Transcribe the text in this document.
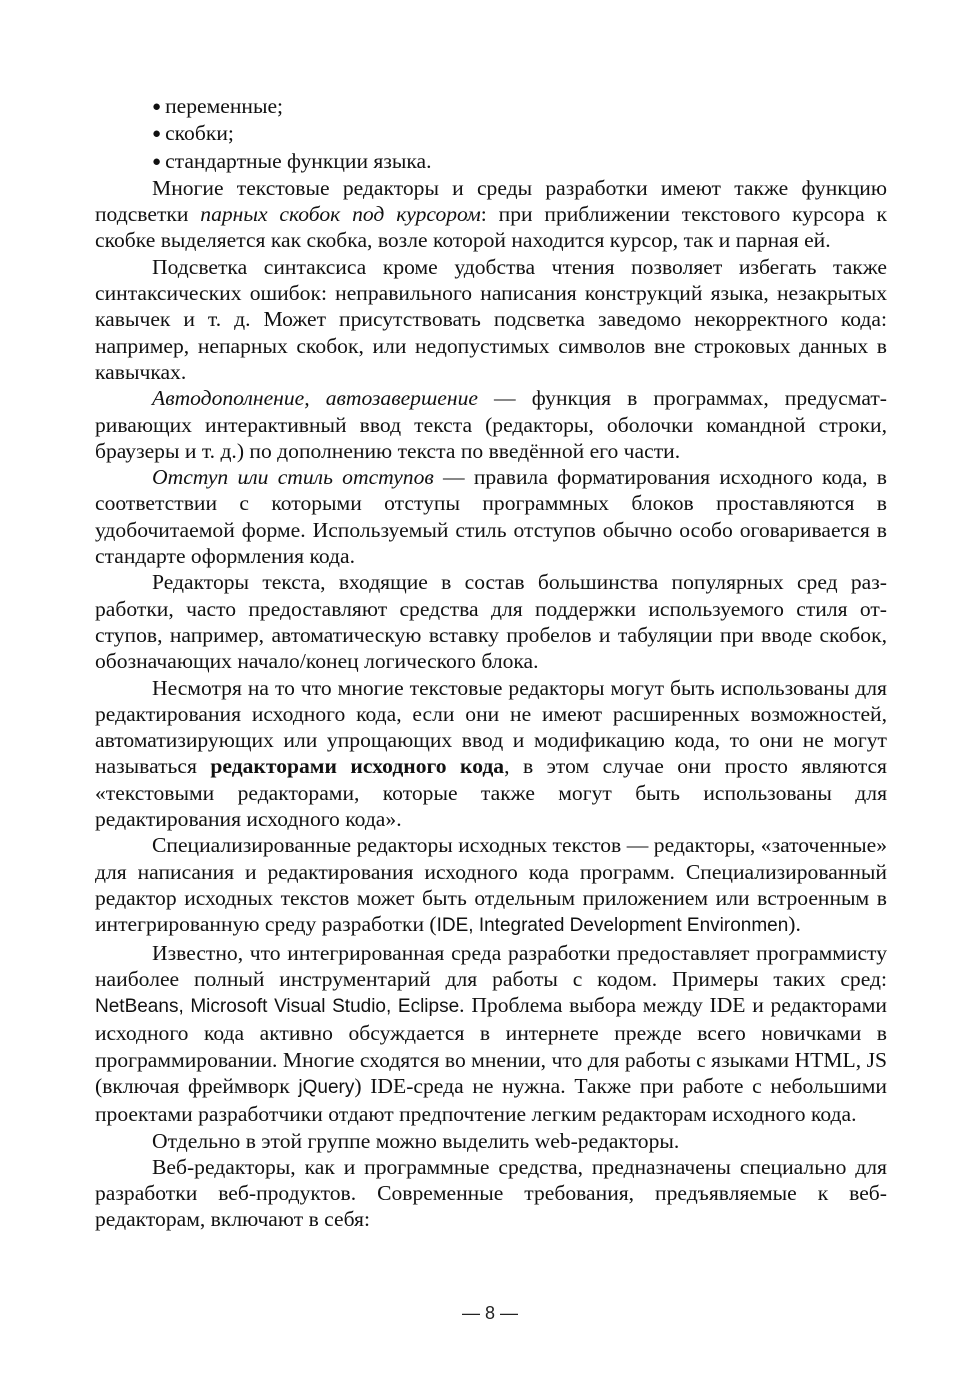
● переменные;

● скобки;

● стандартные функции языка.

Многие текстовые редакторы и среды разработки имеют также функцию подсветки парных скобок под курсором: при приближении текстового курсора к скобке выделяется как скобка, возле которой находится курсор, так и парная ей.

Подсветка синтаксиса кроме удобства чтения позволяет избегать также синтаксических ошибок: неправильного написания конструкций языка, незакрытых кавычек и т. д. Может присутствовать подсветка заведомо некорректного кода: например, непарных скобок, или недопустимых символов вне строковых данных в кавычках.

Автодополнение, автозавершение — функция в программах, предусматривающих интерактивный ввод текста (редакторы, оболочки командной строки, браузеры и т. д.) по дополнению текста по введённой его части.

Отступ или стиль отступов — правила форматирования исходного кода, в соответствии с которыми отступы программных блоков проставляются в удобочитаемой форме. Используемый стиль отступов обычно особо оговаривается в стандарте оформления кода.

Редакторы текста, входящие в состав большинства популярных сред разработки, часто предоставляют средства для поддержки используемого стиля отступов, например, автоматическую вставку пробелов и табуляции при вводе скобок, обозначающих начало/конец логического блока.

Несмотря на то что многие текстовые редакторы могут быть использованы для редактирования исходного кода, если они не имеют расширенных возможностей, автоматизирующих или упрощающих ввод и модификацию кода, то они не могут называться редакторами исходного кода, в этом случае они просто являются «текстовыми редакторами, которые также могут быть использованы для редактирования исходного кода».

Специализированные редакторы исходных текстов — редакторы, «заточенные» для написания и редактирования исходного кода программ. Специализированный редактор исходных текстов может быть отдельным приложением или встроенным в интегрированную среду разработки (IDE, Integrated Development Environmen).

Известно, что интегрированная среда разработки предоставляет программисту наиболее полный инструментарий для работы с кодом. Примеры таких сред: NetBeans, Microsoft Visual Studio, Eclipse. Проблема выбора между IDE и редакторами исходного кода активно обсуждается в интернете прежде всего новичками в программировании. Многие сходятся во мнении, что для работы с языками HTML, JS (включая фреймворк jQuery) IDE-среда не нужна. Также при работе с небольшими проектами разработчики отдают предпочтение легким редакторам исходного кода.

Отдельно в этой группе можно выделить web-редакторы.

Веб-редакторы, как и программные средства, предназначены специально для разработки веб-продуктов. Современные требования, предъявляемые к вебредакторам, включают в себя:

— 8 —
